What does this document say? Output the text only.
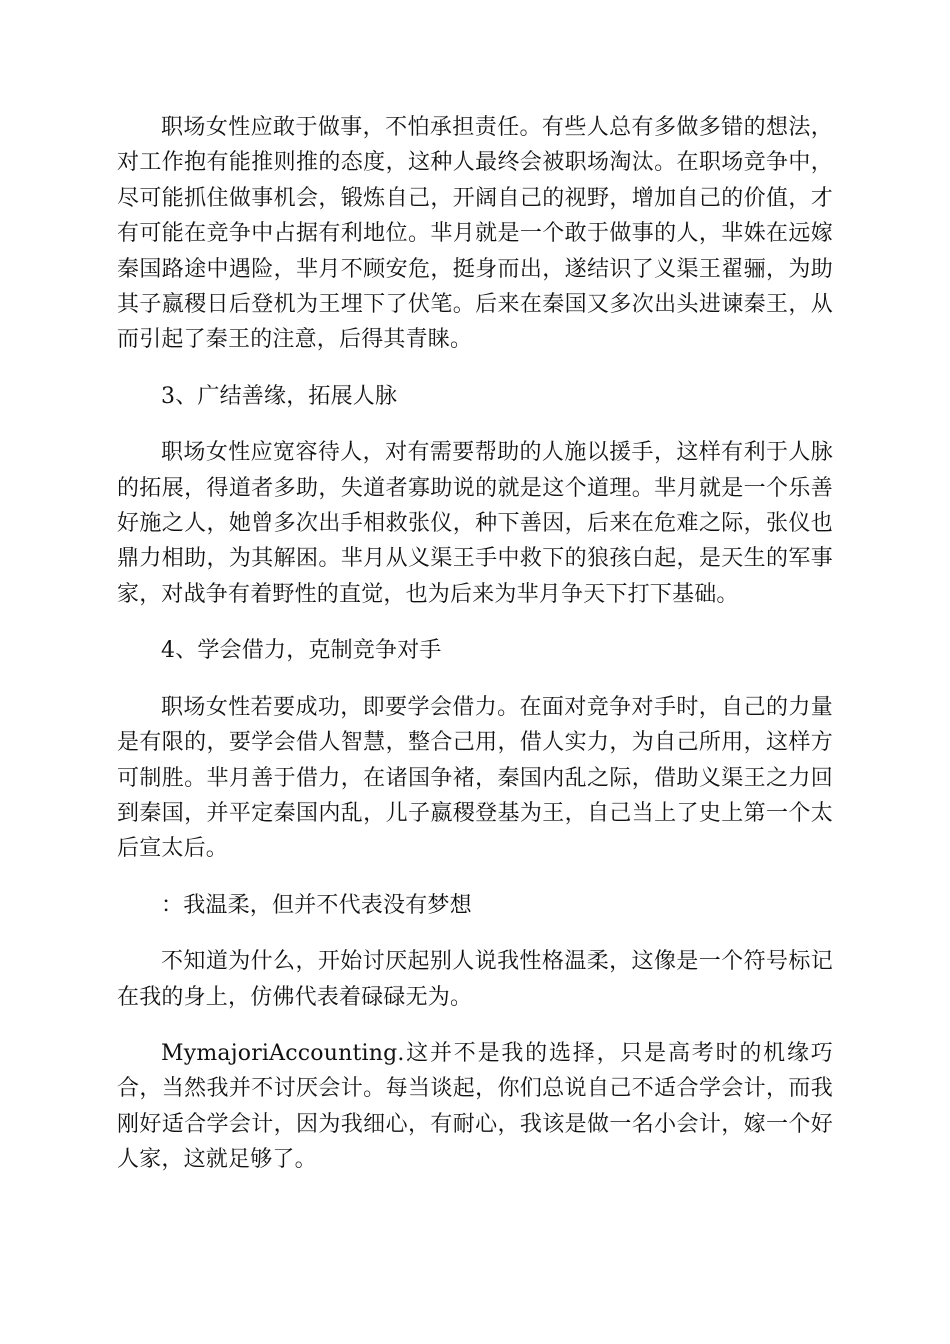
职场女性应敢于做事，不怕承担责任。有些人总有多做多错的想法，对工作抱有能推则推的态度，这种人最终会被职场淘汰。在职场竞争中，尽可能抓住做事机会，锻炼自己，开阔自己的视野，增加自己的价值，才有可能在竞争中占据有利地位。芈月就是一个敢于做事的人，芈姝在远嫁秦国路途中遇险，芈月不顾安危，挺身而出，遂结识了义渠王翟骊，为助其子嬴稷日后登机为王埋下了伏笔。后来在秦国又多次出头进谏秦王，从而引起了秦王的注意，后得其青睐。

3、广结善缘，拓展人脉

职场女性应宽容待人，对有需要帮助的人施以援手，这样有利于人脉的拓展，得道者多助，失道者寡助说的就是这个道理。芈月就是一个乐善好施之人，她曾多次出手相救张仪，种下善因，后来在危难之际，张仪也鼎力相助，为其解困。芈月从义渠王手中救下的狼孩白起，是天生的军事家，对战争有着野性的直觉，也为后来为芈月争天下打下基础。

4、学会借力，克制竞争对手

职场女性若要成功，即要学会借力。在面对竞争对手时，自己的力量是有限的，要学会借人智慧，整合己用，借人实力，为自己所用，这样方可制胜。芈月善于借力，在诸国争褚，秦国内乱之际，借助义渠王之力回到秦国，并平定秦国内乱，儿子嬴稷登基为王，自己当上了史上第一个太后宣太后。

：我温柔，但并不代表没有梦想

不知道为什么，开始讨厌起别人说我性格温柔，这像是一个符号标记在我的身上，仿佛代表着碌碌无为。

MymajoriAccounting.这并不是我的选择，只是高考时的机缘巧合，当然我并不讨厌会计。每当谈起，你们总说自己不适合学会计，而我刚好适合学会计，因为我细心，有耐心，我该是做一名小会计，嫁一个好人家，这就足够了。
